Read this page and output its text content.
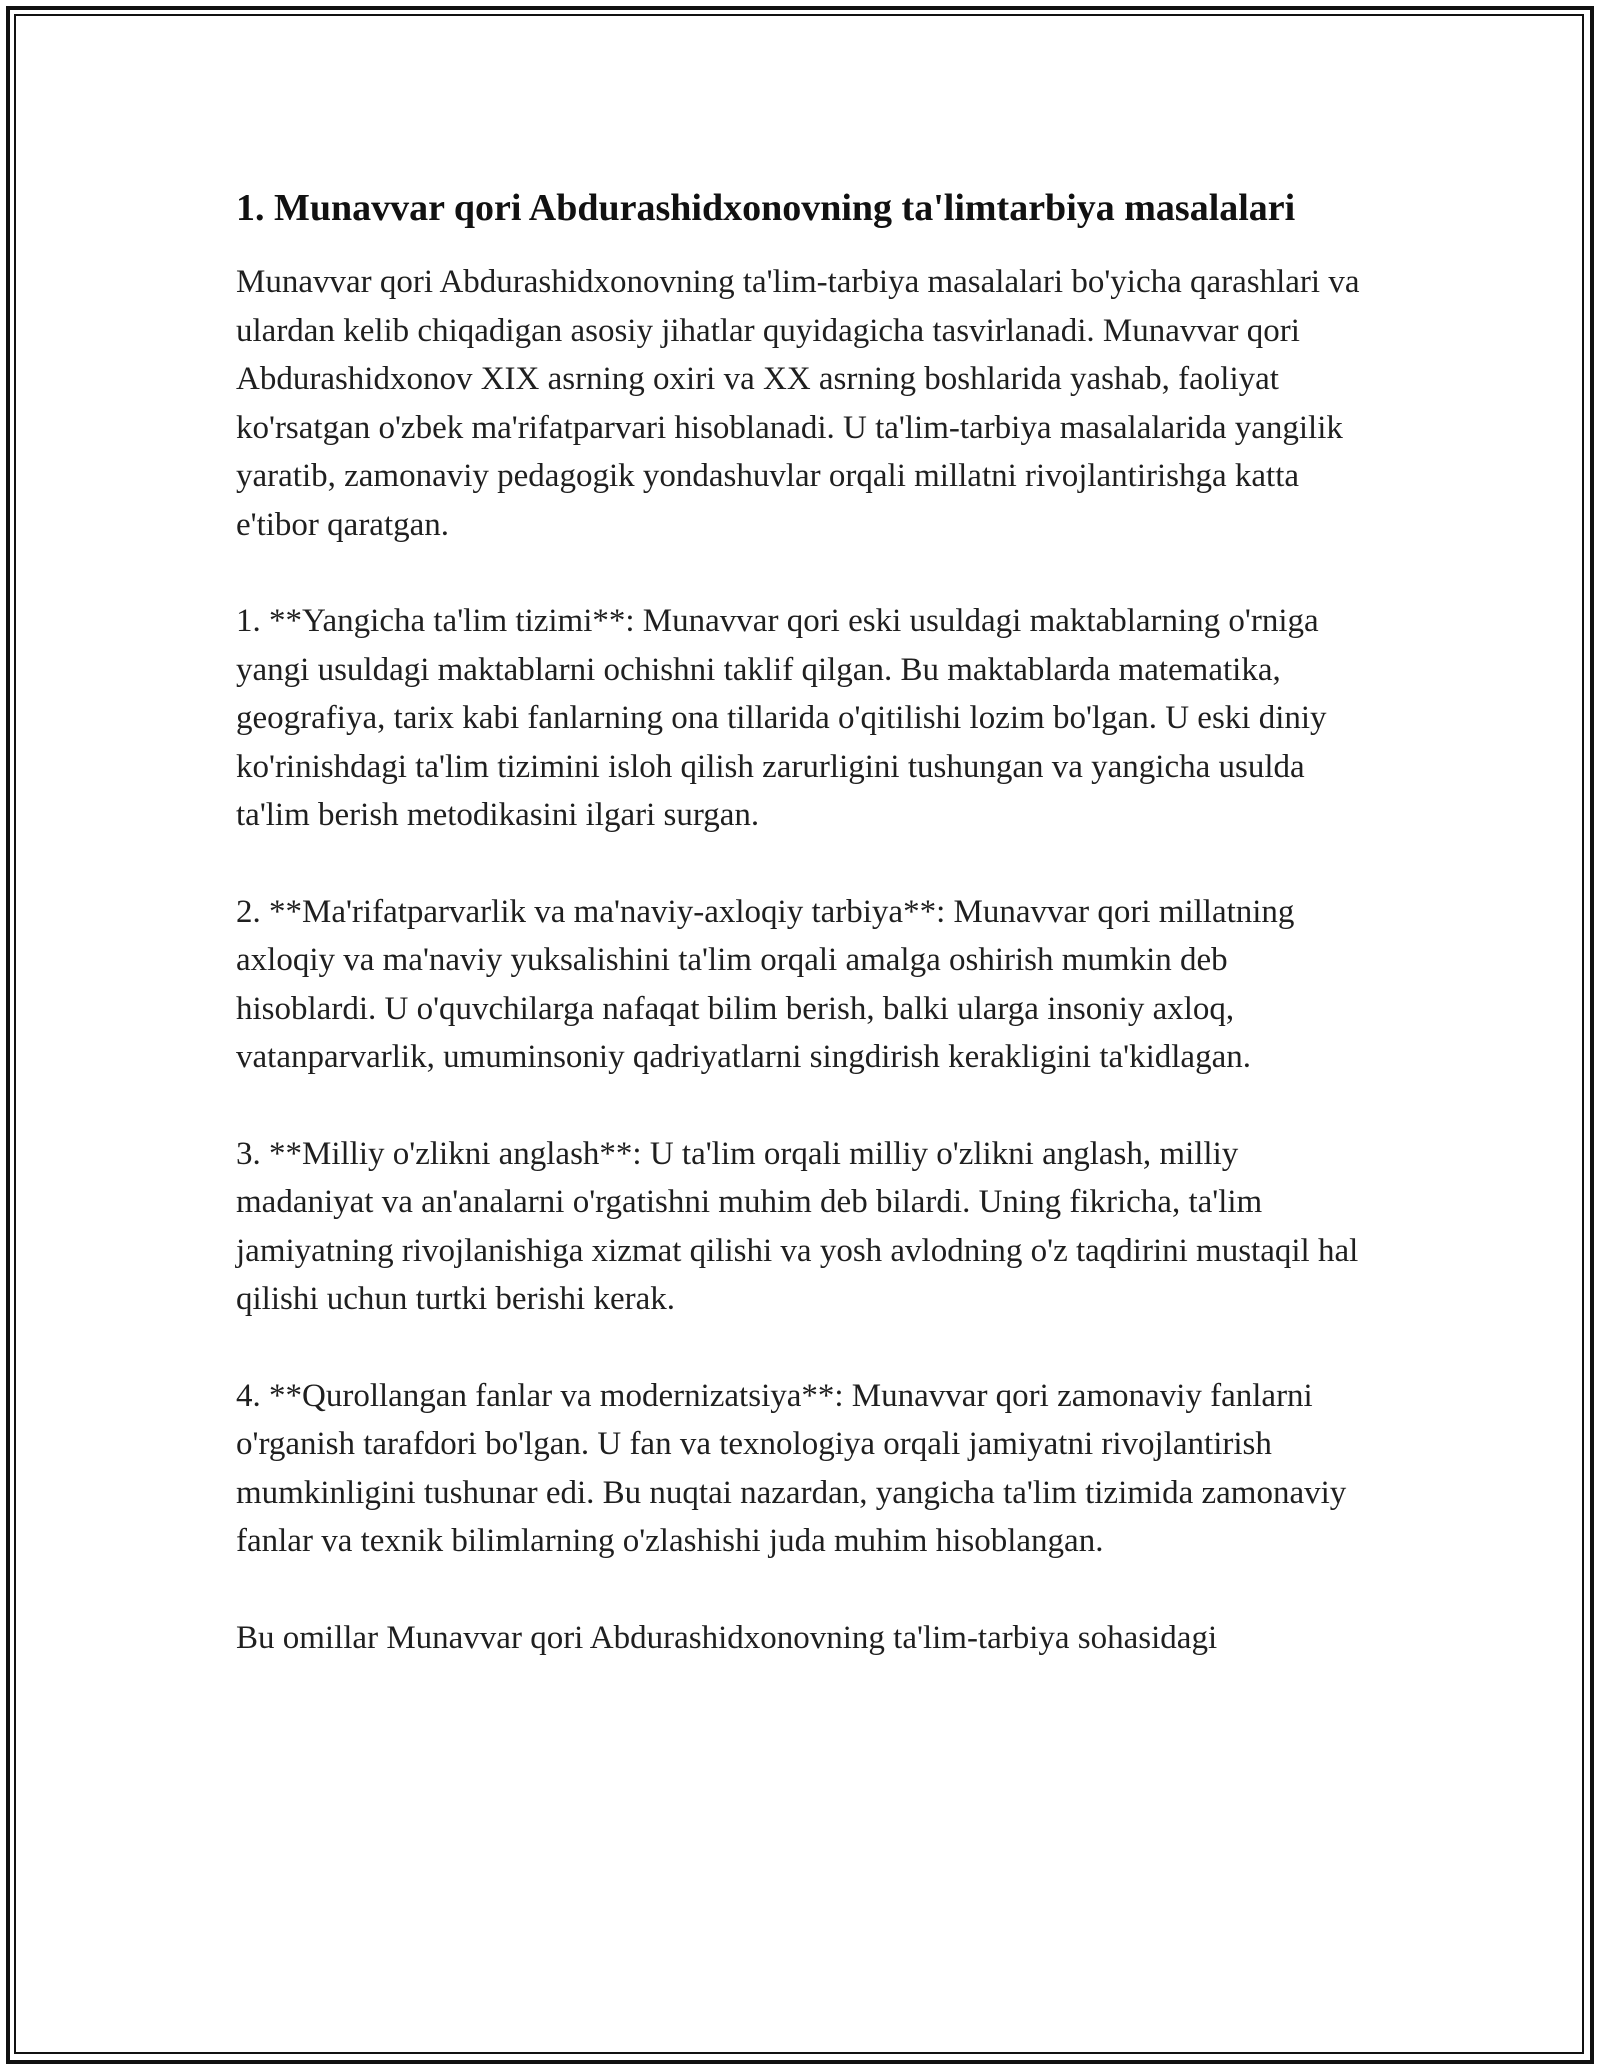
1. Munavvar qori Abdurashidxonovning ta'limtarbiya masalalari

Munavvar qori Abdurashidxonovning ta'lim-tarbiya masalalari bo'yicha qarashlari va ulardan kelib chiqadigan asosiy jihatlar quyidagicha tasvirlanadi. Munavvar qori Abdurashidxonov XIX asrning oxiri va XX asrning boshlarida yashab, faoliyat ko'rsatgan o'zbek ma'rifatparvari hisoblanadi. U ta'lim-tarbiya masalalarida yangilik yaratib, zamonaviy pedagogik yondashuvlar orqali millatni rivojlantirishga katta e'tibor qaratgan.

1. **Yangicha ta'lim tizimi**: Munavvar qori eski usuldagi maktablarning o'rniga yangi usuldagi maktablarni ochishni taklif qilgan. Bu maktablarda matematika, geografiya, tarix kabi fanlarning ona tillarida o'qitilishi lozim bo'lgan. U eski diniy ko'rinishdagi ta'lim tizimini isloh qilish zarurligini tushungan va yangicha usulda ta'lim berish metodikasini ilgari surgan.

2. **Ma'rifatparvarlik va ma'naviy-axloqiy tarbiya**: Munavvar qori millatning axloqiy va ma'naviy yuksalishini ta'lim orqali amalga oshirish mumkin deb hisoblardi. U o'quvchilarga nafaqat bilim berish, balki ularga insoniy axloq, vatanparvarlik, umuminsoniy qadriyatlarni singdirish kerakligini ta'kidlagan.

3. **Milliy o'zlikni anglash**: U ta'lim orqali milliy o'zlikni anglash, milliy madaniyat va an'analarni o'rgatishni muhim deb bilardi. Uning fikricha, ta'lim jamiyatning rivojlanishiga xizmat qilishi va yosh avlodning o'z taqdirini mustaqil hal qilishi uchun turtki berishi kerak.

4. **Qurollangan fanlar va modernizatsiya**: Munavvar qori zamonaviy fanlarni o'rganish tarafdori bo'lgan. U fan va texnologiya orqali jamiyatni rivojlantirish mumkinligini tushunar edi. Bu nuqtai nazardan, yangicha ta'lim tizimida zamonaviy fanlar va texnik bilimlarning o'zlashishi juda muhim hisoblangan.

Bu omillar Munavvar qori Abdurashidxonovning ta'lim-tarbiya sohasidagi
